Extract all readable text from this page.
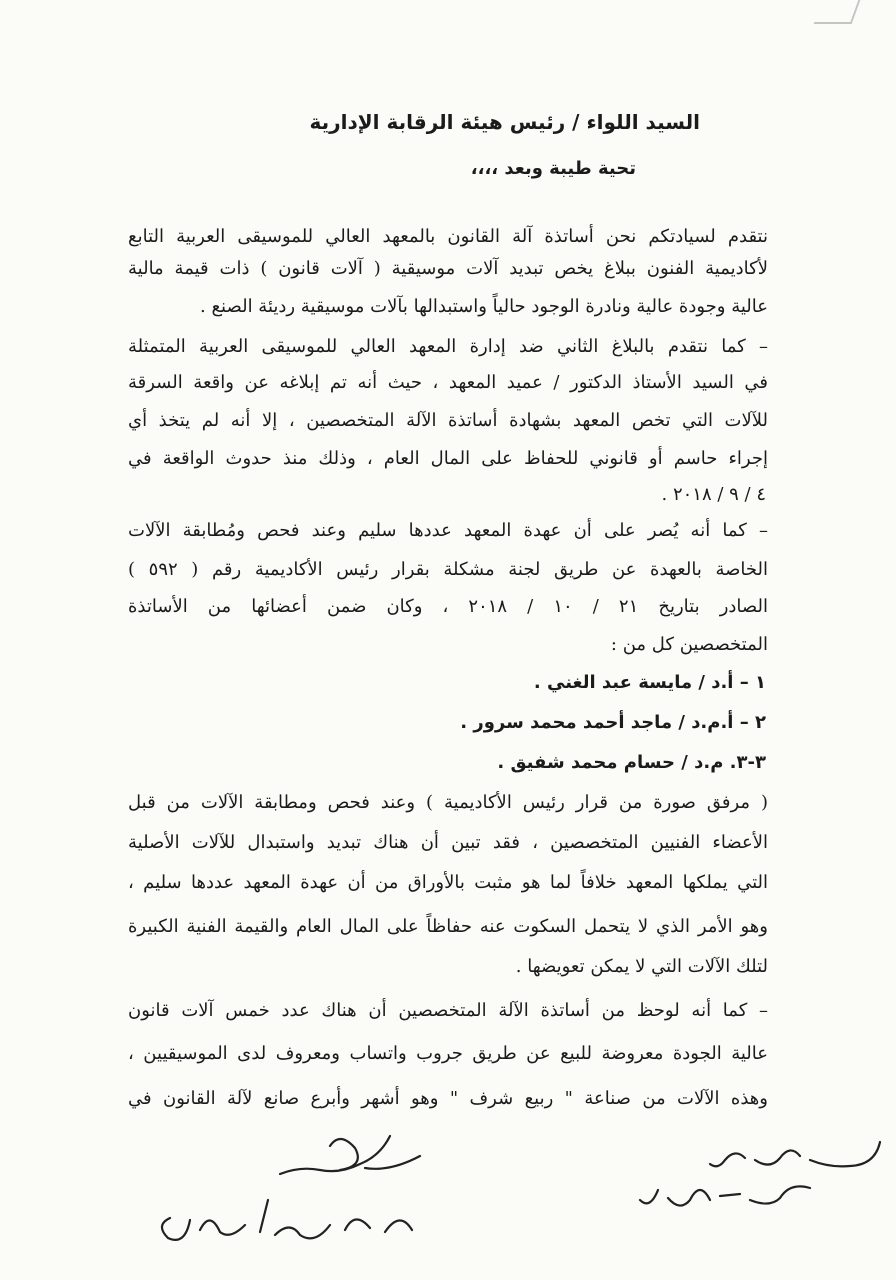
السيد اللواء / رئيس هيئة الرقابة الإدارية
تحية طيبة وبعد ،،،،
نتقدم لسيادتكم نحن أساتذة آلة القانون بالمعهد العالي للموسيقى العربية التابع
لأكاديمية الفنون ببلاغ يخص تبديد آلات موسيقية ( آلات قانون ) ذات قيمة مالية
عالية وجودة عالية ونادرة الوجود حالياً واستبدالها بآلات موسيقية رديئة الصنع .
– كما نتقدم بالبلاغ الثاني ضد إدارة المعهد العالي للموسيقى العربية المتمثلة
في السيد الأستاذ الدكتور / عميد المعهد ، حيث أنه تم إبلاغه عن واقعة السرقة
للآلات التي تخص المعهد بشهادة أساتذة الآلة المتخصصين ، إلا أنه لم يتخذ أي
إجراء حاسم أو قانوني للحفاظ على المال العام ، وذلك منذ حدوث الواقعة في
٤ / ٩ / ٢٠١٨ .
– كما أنه يُصر على أن عهدة المعهد عددها سليم وعند فحص ومُطابقة الآلات
الخاصة بالعهدة عن طريق لجنة مشكلة بقرار رئيس الأكاديمية رقم ( ٥٩٢ )
الصادر بتاريخ ٢١ / ١٠ / ٢٠١٨ ، وكان ضمن أعضائها من الأساتذة
المتخصصين كل من :
١ – أ.د / مايسة عبد الغني .
٢ – أ.م.د / ماجد أحمد محمد سرور .
٣-٣. م.د / حسام محمد شفيق .
( مرفق صورة من قرار رئيس الأكاديمية ) وعند فحص ومطابقة الآلات من قبل
الأعضاء الفنيين المتخصصين ، فقد تبين أن هناك تبديد واستبدال للآلات الأصلية
التي يملكها المعهد خلافاً لما هو مثبت بالأوراق من أن عهدة المعهد عددها سليم ،
وهو الأمر الذي لا يتحمل السكوت عنه حفاظاً على المال العام والقيمة الفنية الكبيرة
لتلك الآلات التي لا يمكن تعويضها .
– كما أنه لوحظ من أساتذة الآلة المتخصصين أن هناك عدد خمس آلات قانون
عالية الجودة معروضة للبيع عن طريق جروب واتساب ومعروف لدى الموسيقيين ،
وهذه الآلات من صناعة " ربيع شرف " وهو أشهر وأبرع صانع لآلة القانون في
